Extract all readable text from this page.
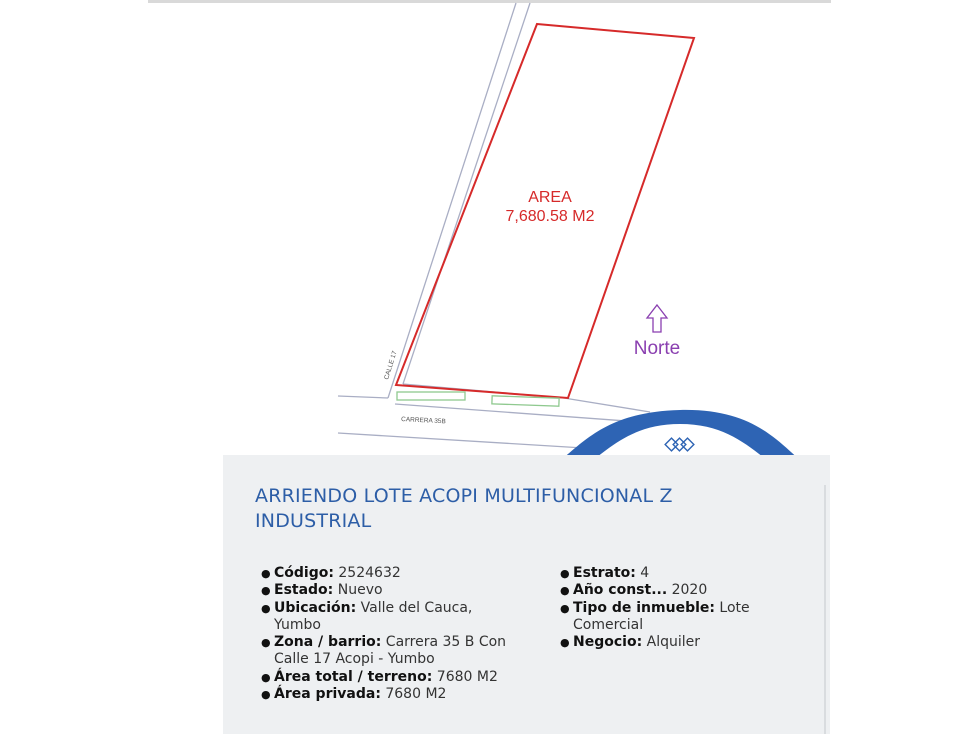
AREA
7,680.58 M2
CALLE 17
CARRERA 35B
Norte
ARRIENDO LOTE ACOPI MULTIFUNCIONAL Z INDUSTRIAL
● Código: 2524632
● Estado: Nuevo
● Ubicación: Valle del Cauca, Yumbo
● Zona / barrio: Carrera 35 B Con Calle 17 Acopi - Yumbo
● Área total / terreno: 7680 M2
● Área privada: 7680 M2
● Estrato: 4
● Año const... 2020
● Tipo de inmueble: Lote Comercial
● Negocio: Alquiler
